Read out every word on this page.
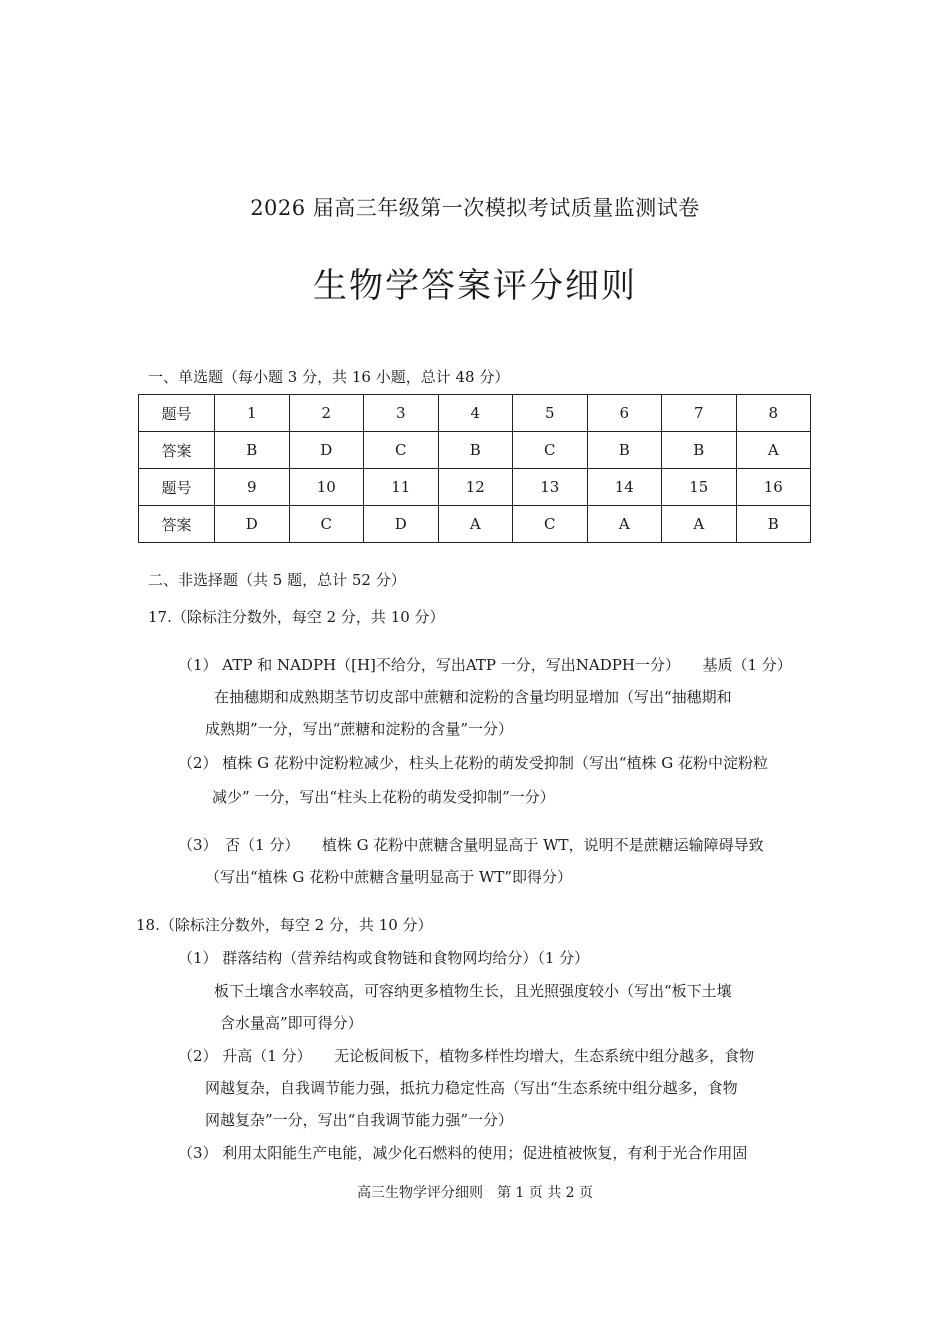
2026 届高三年级第一次模拟考试质量监测试卷
生物学答案评分细则
一、单选题（每小题 3 分，共 16 小题，总计 48 分）
题号	1	2	3	4	5	6	7	8
答案	B	D	C	B	C	B	B	A
题号	9	10	11	12	13	14	15	16
答案	D	C	D	A	C	A	A	B
二、非选择题（共 5 题，总计 52 分）
17.（除标注分数外，每空 2 分，共 10 分）
（1） ATP 和 NADPH（[H]不给分，写出ATP 一分，写出NADPH一分）　　基质（1 分）
在抽穗期和成熟期茎节切皮部中蔗糖和淀粉的含量均明显增加（写出“抽穗期和
成熟期”一分，写出“蔗糖和淀粉的含量”一分）
（2） 植株 G 花粉中淀粉粒减少，柱头上花粉的萌发受抑制（写出“植株 G 花粉中淀粉粒
减少” 一分，写出“柱头上花粉的萌发受抑制”一分）
（3）　否（1 分）　　植株 G 花粉中蔗糖含量明显高于 WT，说明不是蔗糖运输障碍导致
（写出“植株 G 花粉中蔗糖含量明显高于 WT”即得分）
18.（除标注分数外，每空 2 分，共 10 分）
（1） 群落结构（营养结构或食物链和食物网均给分）（1 分）
板下土壤含水率较高，可容纳更多植物生长，且光照强度较小（写出“板下土壤
含水量高”即可得分）
（2） 升高（1 分）　　无论板间板下，植物多样性均增大，生态系统中组分越多，食物
网越复杂，自我调节能力强，抵抗力稳定性高（写出“生态系统中组分越多，食物
网越复杂”一分，写出“自我调节能力强”一分）
（3） 利用太阳能生产电能，减少化石燃料的使用；促进植被恢复，有利于光合作用固
高三生物学评分细则　第 1 页 共 2 页
